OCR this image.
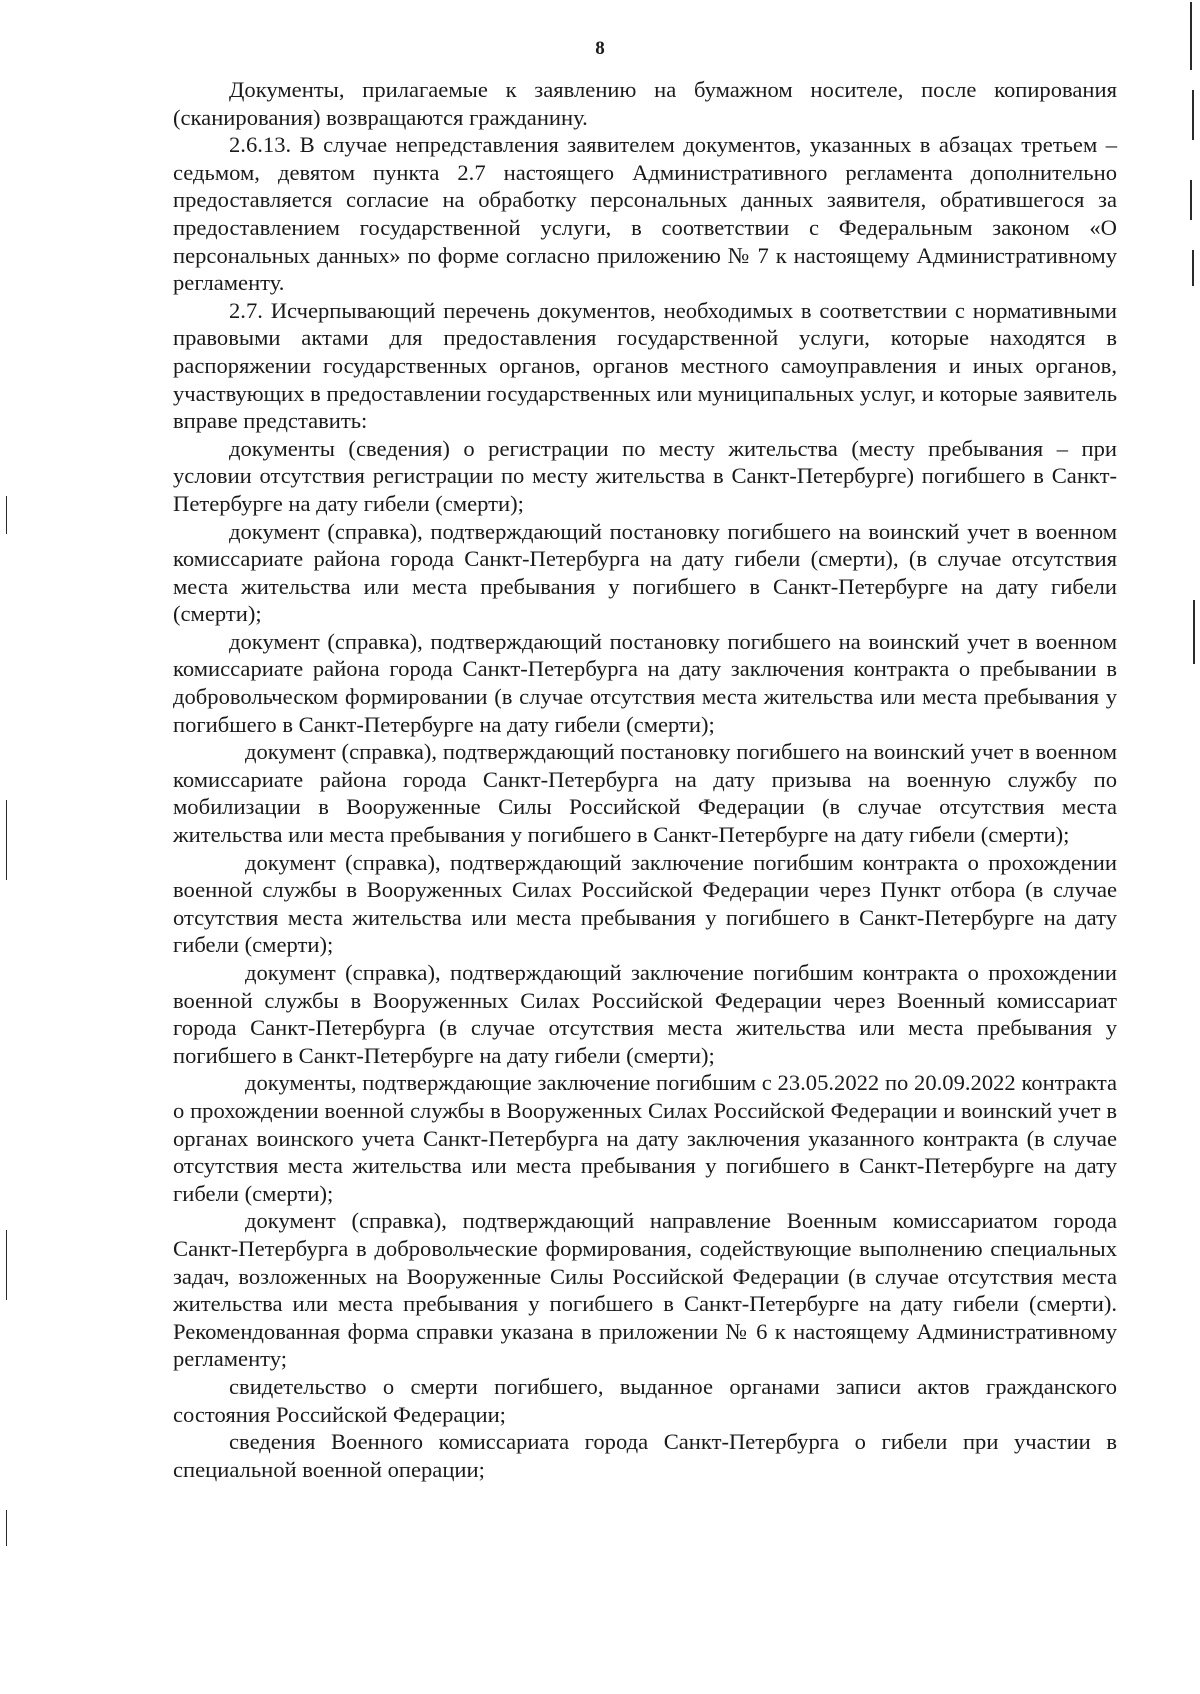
8

Документы, прилагаемые к заявлению на бумажном носителе, после копирования (сканирования) возвращаются гражданину.

2.6.13. В случае непредставления заявителем документов, указанных в абзацах третьем – седьмом, девятом пункта 2.7 настоящего Административного регламента дополнительно предоставляется согласие на обработку персональных данных заявителя, обратившегося за предоставлением государственной услуги, в соответствии с Федеральным законом «О персональных данных» по форме согласно приложению № 7 к настоящему Административному регламенту.

2.7. Исчерпывающий перечень документов, необходимых в соответствии с нормативными правовыми актами для предоставления государственной услуги, которые находятся в распоряжении государственных органов, органов местного самоуправления и иных органов, участвующих в предоставлении государственных или муниципальных услуг, и которые заявитель вправе представить:

документы (сведения) о регистрации по месту жительства (месту пребывания – при условии отсутствия регистрации по месту жительства в Санкт-Петербурге) погибшего в Санкт-Петербурге на дату гибели (смерти);

документ (справка), подтверждающий постановку погибшего на воинский учет в военном комиссариате района города Санкт-Петербурга на дату гибели (смерти), (в случае отсутствия места жительства или места пребывания у погибшего в Санкт-Петербурге на дату гибели (смерти);

документ (справка), подтверждающий постановку погибшего на воинский учет в военном комиссариате района города Санкт-Петербурга на дату заключения контракта о пребывании в добровольческом формировании (в случае отсутствия места жительства или места пребывания у погибшего в Санкт-Петербурге на дату гибели (смерти);

документ (справка), подтверждающий постановку погибшего на воинский учет в военном комиссариате района города Санкт-Петербурга на дату призыва на военную службу по мобилизации в Вооруженные Силы Российской Федерации (в случае отсутствия места жительства или места пребывания у погибшего в Санкт-Петербурге на дату гибели (смерти);

документ (справка), подтверждающий заключение погибшим контракта о прохождении военной службы в Вооруженных Силах Российской Федерации через Пункт отбора (в случае отсутствия места жительства или места пребывания у погибшего в Санкт-Петербурге на дату гибели (смерти);

документ (справка), подтверждающий заключение погибшим контракта о прохождении военной службы в Вооруженных Силах Российской Федерации через Военный комиссариат города Санкт-Петербурга (в случае отсутствия места жительства или места пребывания у погибшего в Санкт-Петербурге на дату гибели (смерти);

документы, подтверждающие заключение погибшим с 23.05.2022 по 20.09.2022 контракта о прохождении военной службы в Вооруженных Силах Российской Федерации и воинский учет в органах воинского учета Санкт-Петербурга на дату заключения указанного контракта (в случае отсутствия места жительства или места пребывания у погибшего в Санкт-Петербурге на дату гибели (смерти);

документ (справка), подтверждающий направление Военным комиссариатом города Санкт-Петербурга в добровольческие формирования, содействующие выполнению специальных задач, возложенных на Вооруженные Силы Российской Федерации (в случае отсутствия места жительства или места пребывания у погибшего в Санкт-Петербурге на дату гибели (смерти). Рекомендованная форма справки указана в приложении № 6 к настоящему Административному регламенту;

свидетельство о смерти погибшего, выданное органами записи актов гражданского состояния Российской Федерации;

сведения Военного комиссариата города Санкт-Петербурга о гибели при участии в специальной военной операции;
